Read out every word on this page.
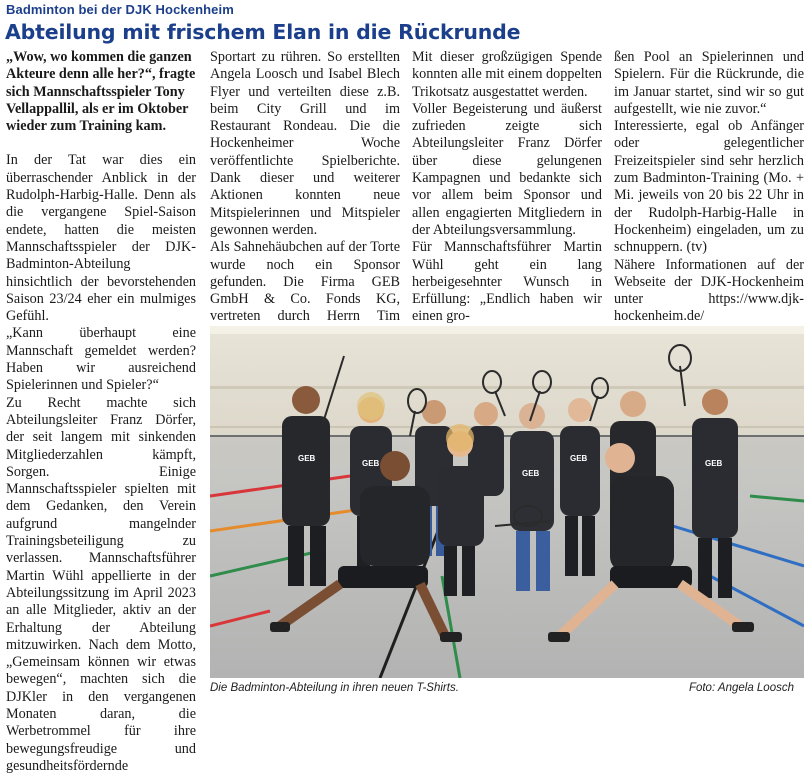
Badminton bei der DJK Hockenheim
Abteilung mit frischem Elan in die Rückrunde

„Wow, wo kommen die ganzen Akteure denn alle her?“, fragte sich Mannschaftsspieler Tony Vellappallil, als er im Oktober wieder zum Training kam.

In der Tat war dies ein überraschender Anblick in der Rudolph-Harbig-Halle. Denn als die vergangene Spiel-Saison endete, hatten die meisten Mannschaftsspieler der DJK-Badminton-Abteilung hinsichtlich der bevorstehenden Saison 23/24 eher ein mulmiges Gefühl.

„Kann überhaupt eine Mannschaft gemeldet werden? Haben wir ausreichend Spielerinnen und Spieler?“

Zu Recht machte sich Abteilungsleiter Franz Dörfer, der seit langem mit sinkenden Mitgliederzahlen kämpft, Sorgen. Einige Mannschaftsspieler spielten mit dem Gedanken, den Verein aufgrund mangelnder Trainingsbeteiligung zu verlassen. Mannschaftsführer Martin Wühl appellierte in der Abteilungssitzung im April 2023 an alle Mitglieder, aktiv an der Erhaltung der Abteilung mitzuwirken. Nach dem Motto, „Gemeinsam können wir etwas bewegen“, machten sich die DJKler in den vergangenen Monaten daran, die Werbetrommel für ihre bewegungsfreudige und gesundheitsfördernde

Sportart zu rühren. So erstellten Angela Loosch und Isabel Blech Flyer und verteilten diese z.B. beim City Grill und im Restaurant Rondeau. Die die Hockenheimer Woche veröffentlichte Spielberichte. Dank dieser und weiterer Aktionen konnten neue Mitspielerinnen und Mitspieler gewonnen werden.

Als Sahnehäubchen auf der Torte wurde noch ein Sponsor gefunden. Die Firma GEB GmbH & Co. Fonds KG, vertreten durch Herrn Tim

Mit dieser großzügigen Spende konnten alle mit einem doppelten Trikotsatz ausgestattet werden.

Voller Begeisterung und äußerst zufrieden zeigte sich Abteilungsleiter Franz Dörfer über diese gelungenen Kampagnen und bedankte sich vor allem beim Sponsor und allen engagierten Mitgliedern in der Abteilungsversammlung.

Für Mannschaftsführer Martin Wühl geht ein lang herbeigesehnter Wunsch in Erfüllung: „Endlich haben wir einen gro-

ßen Pool an Spielerinnen und Spielern. Für die Rückrunde, die im Januar startet, sind wir so gut aufgestellt, wie nie zuvor.“

Interessierte, egal ob Anfänger oder gelegentlicher Freizeitspieler sind sehr herzlich zum Badminton-Training (Mo. + Mi. jeweils von 20 bis 22 Uhr in der Rudolph-Harbig-Halle in Hockenheim) eingeladen, um zu schnuppern. (tv)

Nähere Informationen auf der Webseite der DJK-Hockenheim unter https://www.djk-hockenheim.de/

GEB
GEB
GEB
GEB
GEB
Die Badminton-Abteilung in ihren neuen T-Shirts.	Foto: Angela Loosch
